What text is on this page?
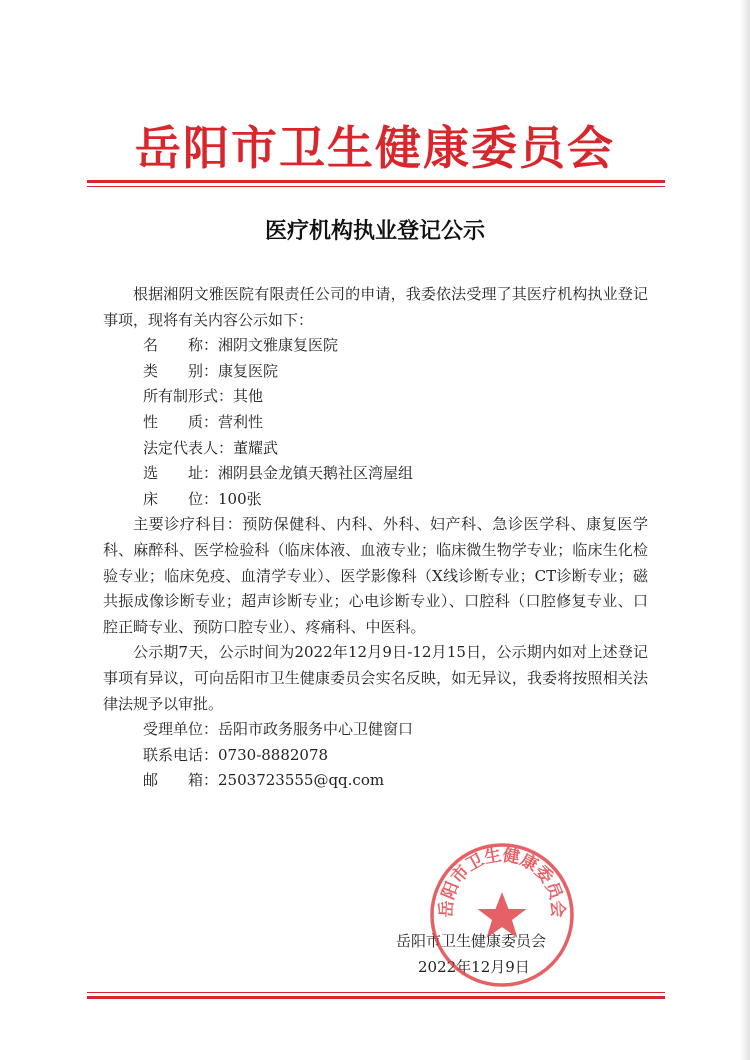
岳阳市卫生健康委员会
医疗机构执业登记公示

根据湘阴文雅医院有限责任公司的申请，我委依法受理了其医疗机构执业登记事项，现将有关内容公示如下：

名　　称：湘阴文雅康复医院

类　　别：康复医院

所有制形式：其他

性　　质：营利性

法定代表人：董耀武

选　　址：湘阴县金龙镇天鹅社区湾屋组

床　　位：100张

主要诊疗科目：预防保健科、内科、外科、妇产科、急诊医学科、康复医学科、麻醉科、医学检验科（临床体液、血液专业；临床微生物学专业；临床生化检验专业；临床免疫、血清学专业）、医学影像科（X线诊断专业；CT诊断专业；磁共振成像诊断专业；超声诊断专业；心电诊断专业）、口腔科（口腔修复专业、口腔正畸专业、预防口腔专业）、疼痛科、中医科。

公示期7天，公示时间为2022年12月9日-12月15日，公示期内如对上述登记事项有异议，可向岳阳市卫生健康委员会实名反映，如无异议，我委将按照相关法律法规予以审批。

受理单位：岳阳市政务服务中心卫健窗口

联系电话：0730-8882078

邮　　箱：2503723555@qq.com

岳阳市卫生健康委员会
2022年12月9日
岳阳市卫生健康委员会
